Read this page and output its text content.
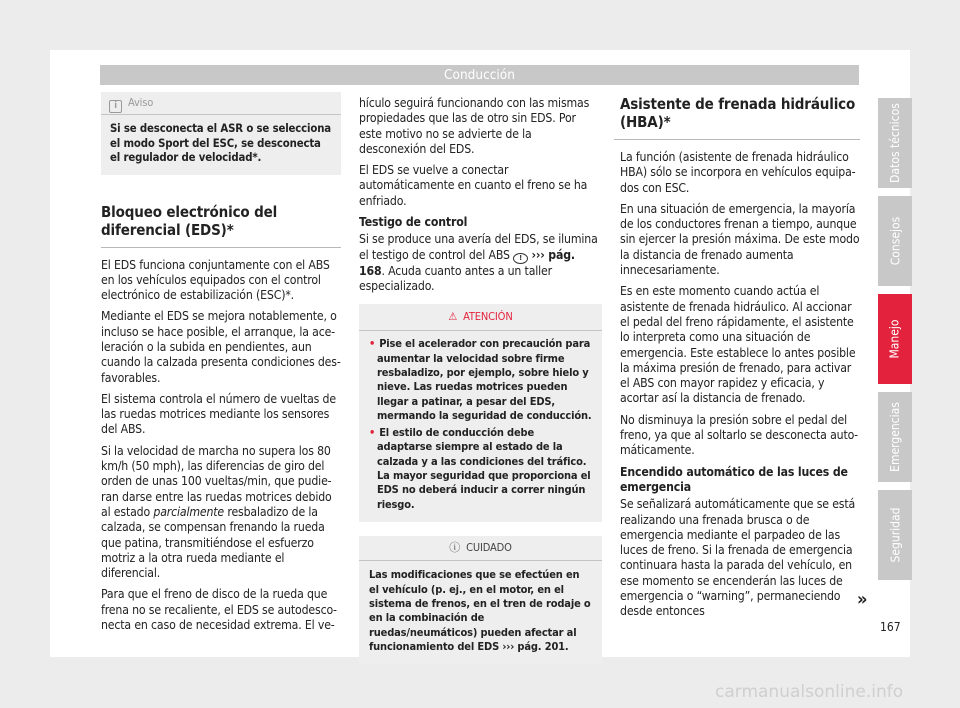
Conducción
i Aviso
Si se desconecta el ASR o se selecciona el modo Sport del ESC, se desconecta el regulador de velocidad*.
Bloqueo electrónico del diferencial (EDS)*

El EDS funciona conjuntamente con el ABS en los vehículos equipados con el control electrónico de estabilización (ESC)*.

Mediante el EDS se mejora notablemente, o incluso se hace posible, el arranque, la aceleración o la subida en pendientes, aun cuando la calzada presenta condiciones desfavorables.

El sistema controla el número de vueltas de las ruedas motrices mediante los sensores del ABS.

Si la velocidad de marcha no supera los 80 km/h (50 mph), las diferencias de giro del orden de unas 100 vueltas/min, que pudieran darse entre las ruedas motrices debido al estado parcialmente resbaladizo de la calzada, se compensan frenando la rueda que patina, transmitiéndose el esfuerzo motriz a la otra rueda mediante el diferencial.

Para que el freno de disco de la rueda que frena no se recaliente, el EDS se autodesconecta en caso de necesidad extrema. El ve-

hículo seguirá funcionando con las mismas propiedades que las de otro sin EDS. Por este motivo no se advierte de la desconexión del EDS.

El EDS se vuelve a conectar automáticamente en cuanto el freno se ha enfriado.

Testigo de control

Si se produce una avería del EDS, se ilumina el testigo de control del ABS ! ››› pág. 168. Acuda cuanto antes a un taller especializado.

⚠ ATENCIÓN

• Pise el acelerador con precaución para aumentar la velocidad sobre firme resbaladizo, por ejemplo, sobre hielo y nieve. Las ruedas motrices pueden llegar a patinar, a pesar del EDS, mermando la seguridad de conducción.

• El estilo de conducción debe adaptarse siempre al estado de la calzada y a las condiciones del tráfico. La mayor seguridad que proporciona el EDS no deberá inducir a correr ningún riesgo.

ⓘ CUIDADO
Las modificaciones que se efectúen en el vehículo (p. ej., en el motor, en el sistema de frenos, en el tren de rodaje o en la combinación de ruedas/neumáticos) pueden afectar al funcionamiento del EDS ››› pág. 201.
Asistente de frenada hidráulico (HBA)*

La función (asistente de frenada hidráulico HBA) sólo se incorpora en vehículos equipados con ESC.

En una situación de emergencia, la mayoría de los conductores frenan a tiempo, aunque sin ejercer la presión máxima. De este modo la distancia de frenado aumenta innecesariamente.

Es en este momento cuando actúa el asistente de frenada hidráulico. Al accionar el pedal del freno rápidamente, el asistente lo interpreta como una situación de emergencia. Este establece lo antes posible la máxima presión de frenado, para activar el ABS con mayor rapidez y eficacia, y acortar así la distancia de frenado.

No disminuya la presión sobre el pedal del freno, ya que al soltarlo se desconecta automáticamente.

Encendido automático de las luces de emergencia

Se señalizará automáticamente que se está realizando una frenada brusca o de emergencia mediante el parpadeo de las luces de freno. Si la frenada de emergencia continuara hasta la parada del vehículo, en ese momento se encenderán las luces de emergencia o “warning”, permaneciendo desde entonces

Datos técnicos
Consejos
Manejo
Emergencias
Seguridad
»
167
carmanualsonline.info
